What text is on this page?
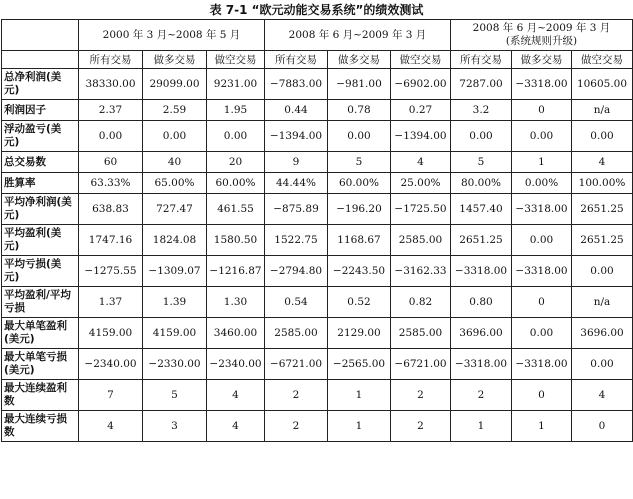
表 7-1 “欧元动能交易系统”的绩效测试
	2000 年 3 月~2008 年 5 月			2008 年 6 月~2009 年 3 月			2008 年 6 月~2009 年 3 月
(系统规则升级)		

	所有交易	做多交易	做空交易	所有交易	做多交易	做空交易	所有交易	做多交易	做空交易
总净利润(美元)	38330.00	29099.00	9231.00	−7883.00	−981.00	−6902.00	7287.00	−3318.00	10605.00
利润因子	2.37	2.59	1.95	0.44	0.78	0.27	3.2	0	n/a
浮动盈亏(美元)	0.00	0.00	0.00	−1394.00	0.00	−1394.00	0.00	0.00	0.00
总交易数	60	40	20	9	5	4	5	1	4
胜算率	63.33%	65.00%	60.00%	44.44%	60.00%	25.00%	80.00%	0.00%	100.00%
平均净利润(美元)	638.83	727.47	461.55	−875.89	−196.20	−1725.50	1457.40	−3318.00	2651.25
平均盈利(美元)	1747.16	1824.08	1580.50	1522.75	1168.67	2585.00	2651.25	0.00	2651.25
平均亏损(美元)	−1275.55	−1309.07	−1216.87	−2794.80	−2243.50	−3162.33	−3318.00	−3318.00	0.00
平均盈利/平均亏损	1.37	1.39	1.30	0.54	0.52	0.82	0.80	0	n/a
最大单笔盈利(美元)	4159.00	4159.00	3460.00	2585.00	2129.00	2585.00	3696.00	0.00	3696.00
最大单笔亏损(美元)	−2340.00	−2330.00	−2340.00	−6721.00	−2565.00	−6721.00	−3318.00	−3318.00	0.00
最大连续盈利数	7	5	4	2	1	2	2	0	4
最大连续亏损数	4	3	4	2	1	2	1	1	0
